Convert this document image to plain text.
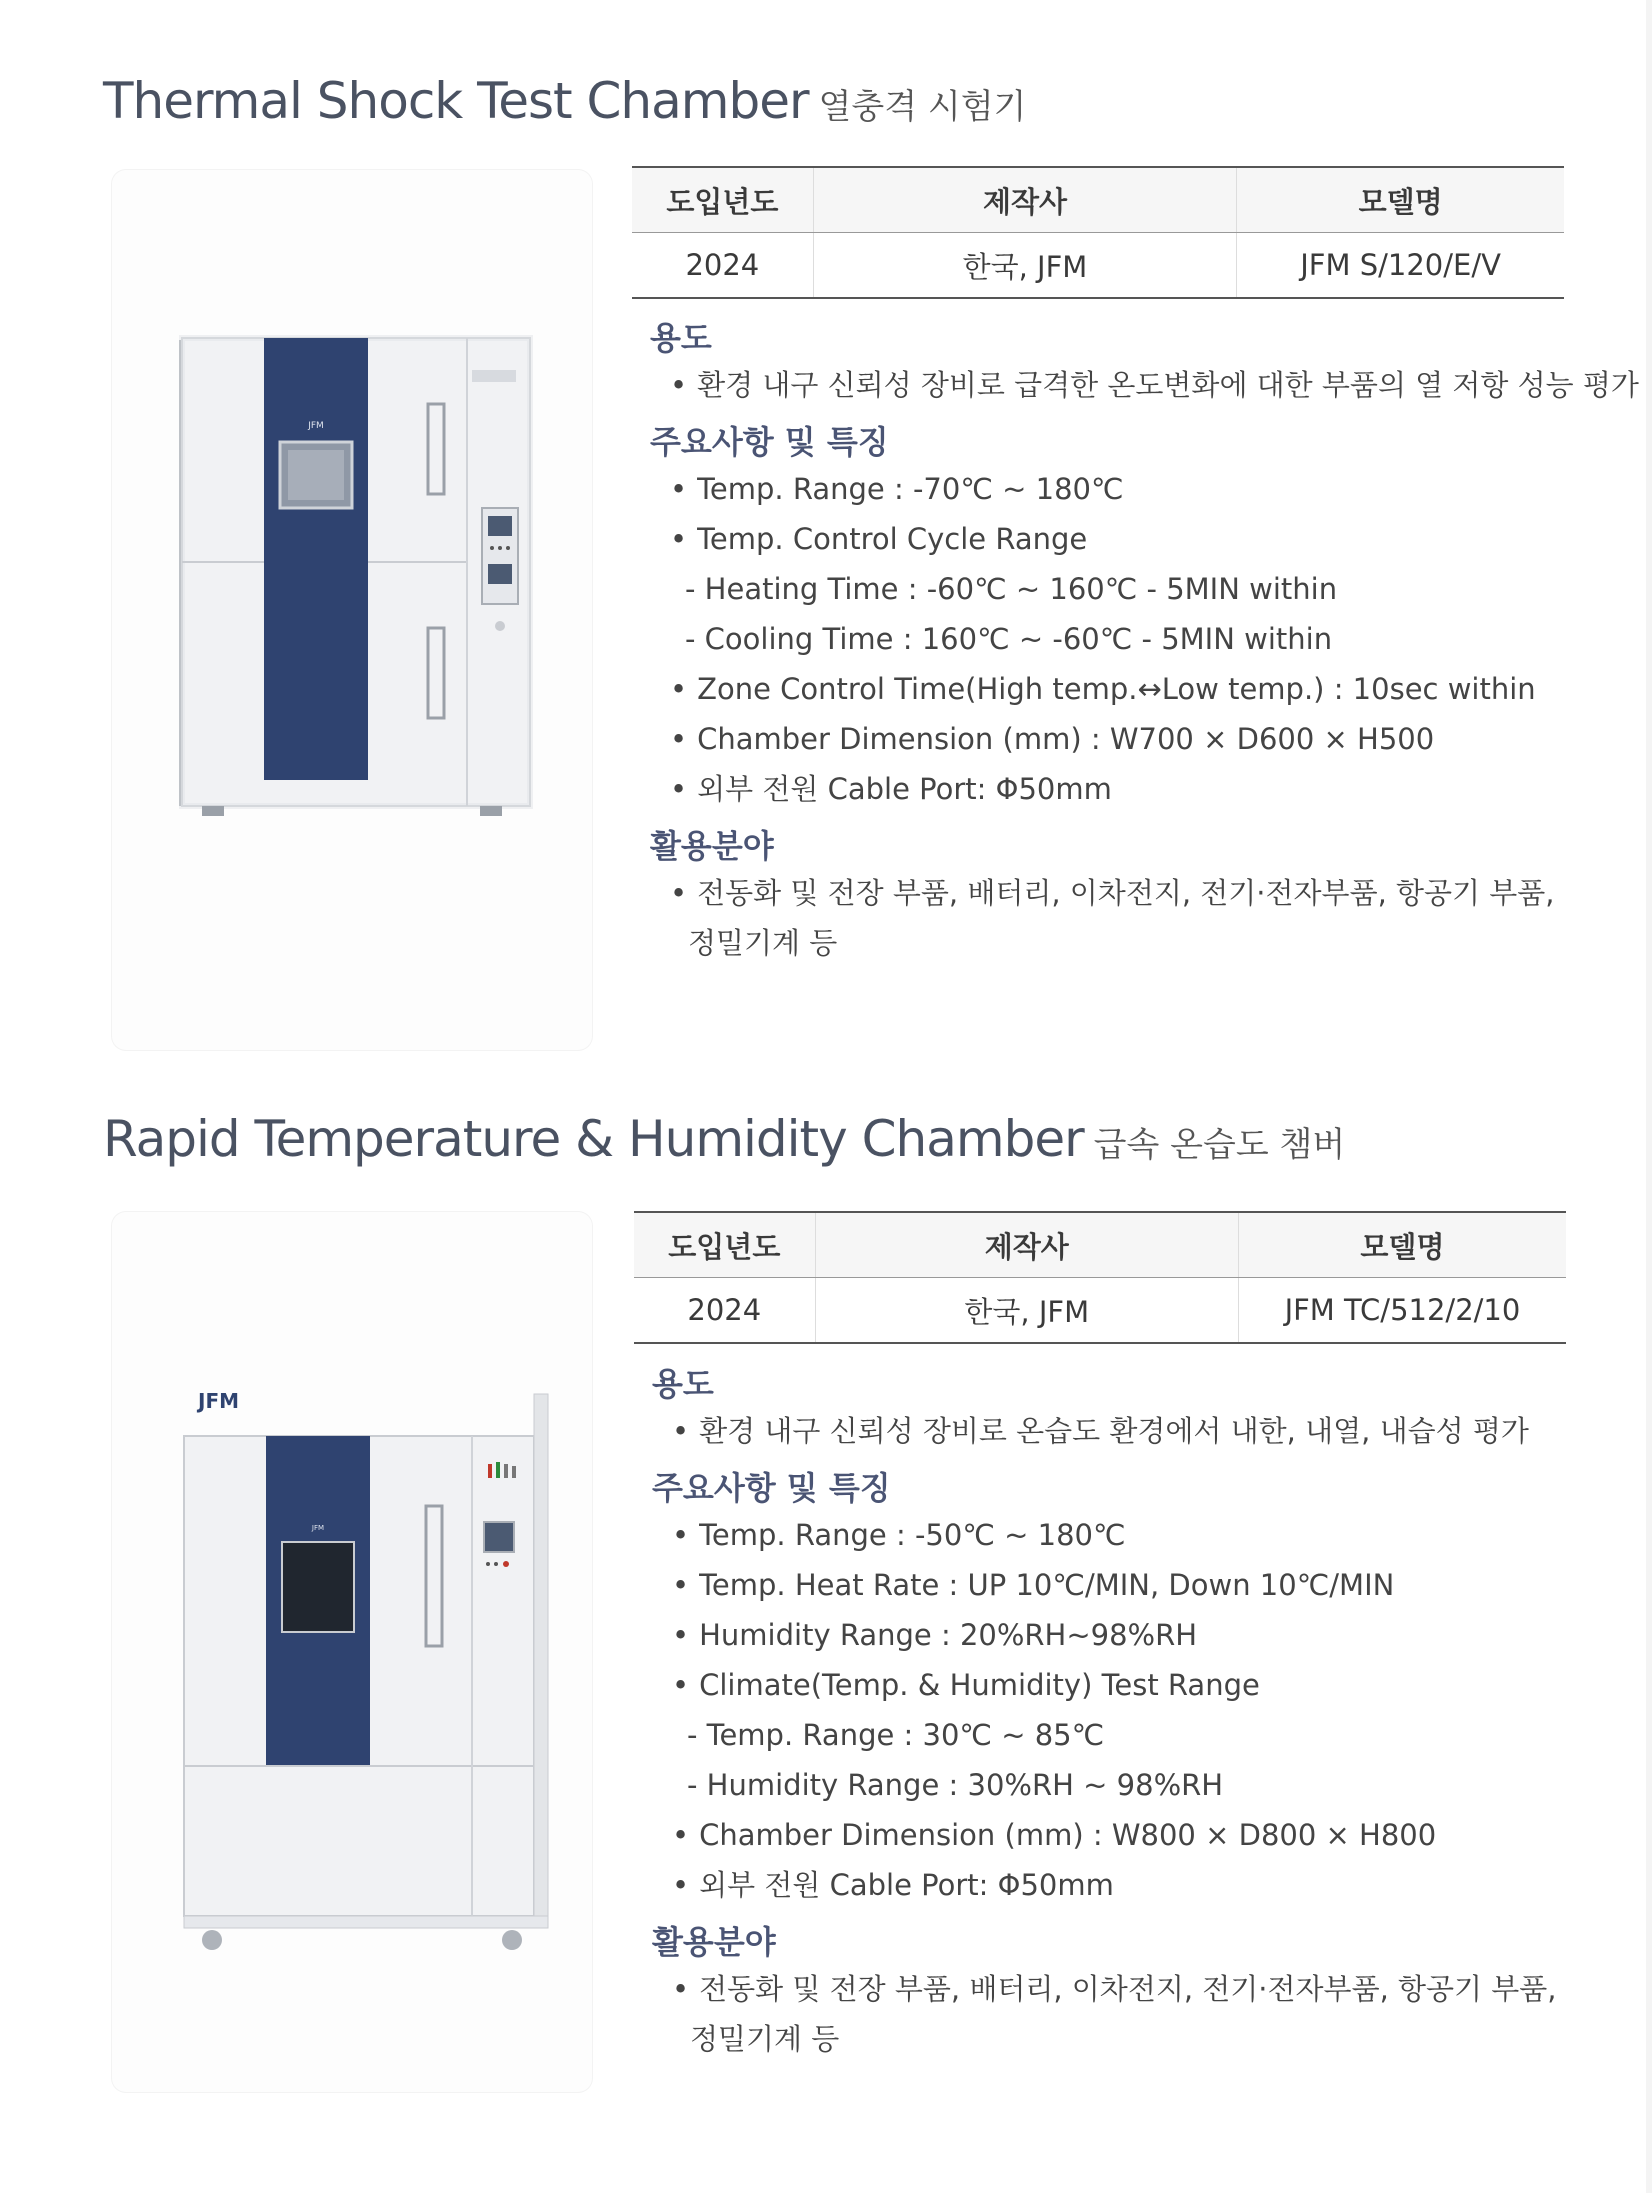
Thermal Shock Test Chamber 열충격 시험기
JFM
도입년도	제작사	모델명
2024	한국, JFM	JFM S/120/E/V

용도

• 환경 내구 신뢰성 장비로 급격한 온도변화에 대한 부품의 열 저항 성능 평가

주요사항 및 특징

• Temp. Range : -70℃ ~ 180℃
• Temp. Control Cycle Range
- Heating Time : -60℃ ~ 160℃ - 5MIN within
- Cooling Time : 160℃ ~ -60℃ - 5MIN within
• Zone Control Time(High temp.↔Low temp.) : 10sec within
• Chamber Dimension (mm) : W700 × D600 × H500
• 외부 전원 Cable Port: Φ50mm

활용분야

• 전동화 및 전장 부품, 배터리, 이차전지, 전기·전자부품, 항공기 부품,
정밀기계 등
Rapid Temperature & Humidity Chamber 급속 온습도 챔버
JFM
JFM
도입년도	제작사	모델명
2024	한국, JFM	JFM TC/512/2/10

용도

• 환경 내구 신뢰성 장비로 온습도 환경에서 내한, 내열, 내습성 평가

주요사항 및 특징

• Temp. Range : -50℃ ~ 180℃
• Temp. Heat Rate : UP 10℃/MIN, Down 10℃/MIN
• Humidity Range : 20%RH~98%RH
• Climate(Temp. & Humidity) Test Range
- Temp. Range : 30℃ ~ 85℃
- Humidity Range : 30%RH ~ 98%RH
• Chamber Dimension (mm) : W800 × D800 × H800
• 외부 전원 Cable Port: Φ50mm

활용분야

• 전동화 및 전장 부품, 배터리, 이차전지, 전기·전자부품, 항공기 부품,
정밀기계 등
